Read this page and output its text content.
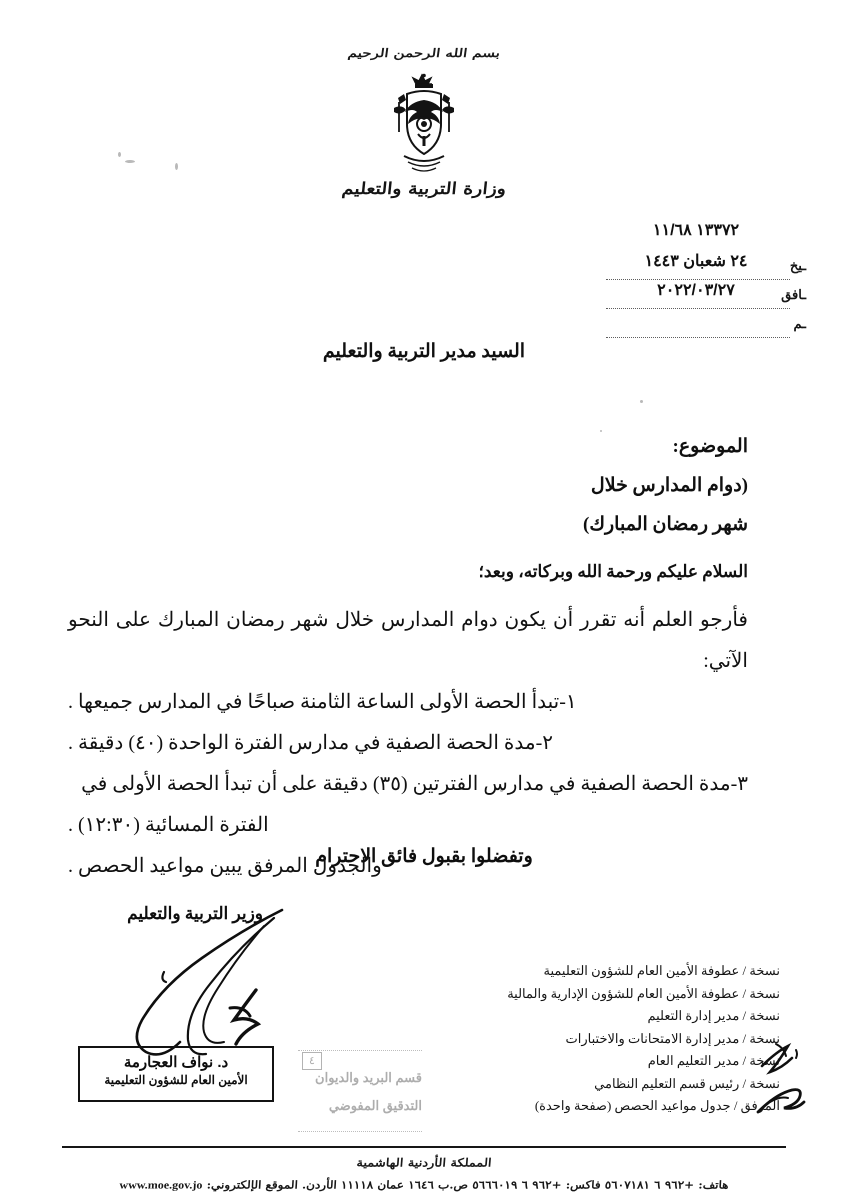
بسم الله الرحمن الرحيم
وزارة التربية والتعليم
١٣٣٧٢ ١١/٦٨
ـيخ
٢٤ شعبان ١٤٤٣
ـافق
٢٠٢٢/٠٣/٢٧
ـم
السيد مدير التربية والتعليم
الموضوع:
(دوام المدارس خلال
شهر رمضان المبارك)
السلام عليكم ورحمة الله وبركاته، وبعد؛

فأرجو العلم أنه تقرر أن يكون دوام المدارس خلال شهر رمضان المبارك على النحو الآتي:

١-تبدأ الحصة الأولى الساعة الثامنة صباحًا في المدارس جميعها .

٢-مدة الحصة الصفية في مدارس الفترة الواحدة (٤٠) دقيقة .

٣-مدة الحصة الصفية في مدارس الفترتين (٣٥) دقيقة على أن تبدأ الحصة الأولى في

الفترة المسائية (١٢:٣٠) .

والجدول المرفق يبين مواعيد الحصص .

وتفضلوا بقبول فائق الاحترام
وزير التربية والتعليم
د. نواف العجارمة
الأمين العام للشؤون التعليمية
٤
قسم البريد والديوان
التدقيق المفوضي
نسخة / عطوفة الأمين العام للشؤون التعليمية
نسخة / عطوفة الأمين العام للشؤون الإدارية والمالية
نسخة / مدير إدارة التعليم
نسخة / مدير إدارة الامتحانات والاختبارات
نسخة / مدير التعليم العام
نسخة / رئيس قسم التعليم النظامي
المرفق / جدول مواعيد الحصص (صفحة واحدة)
المملكة الأردنية الهاشمية
هاتف: +٩٦٢ ٦ ٥٦٠٧١٨١ فاكس: +٩٦٢ ٦ ٥٦٦٦٠١٩ ص.ب ١٦٤٦ عمان ١١١١٨ الأردن. الموقع الإلكتروني: www.moe.gov.jo
